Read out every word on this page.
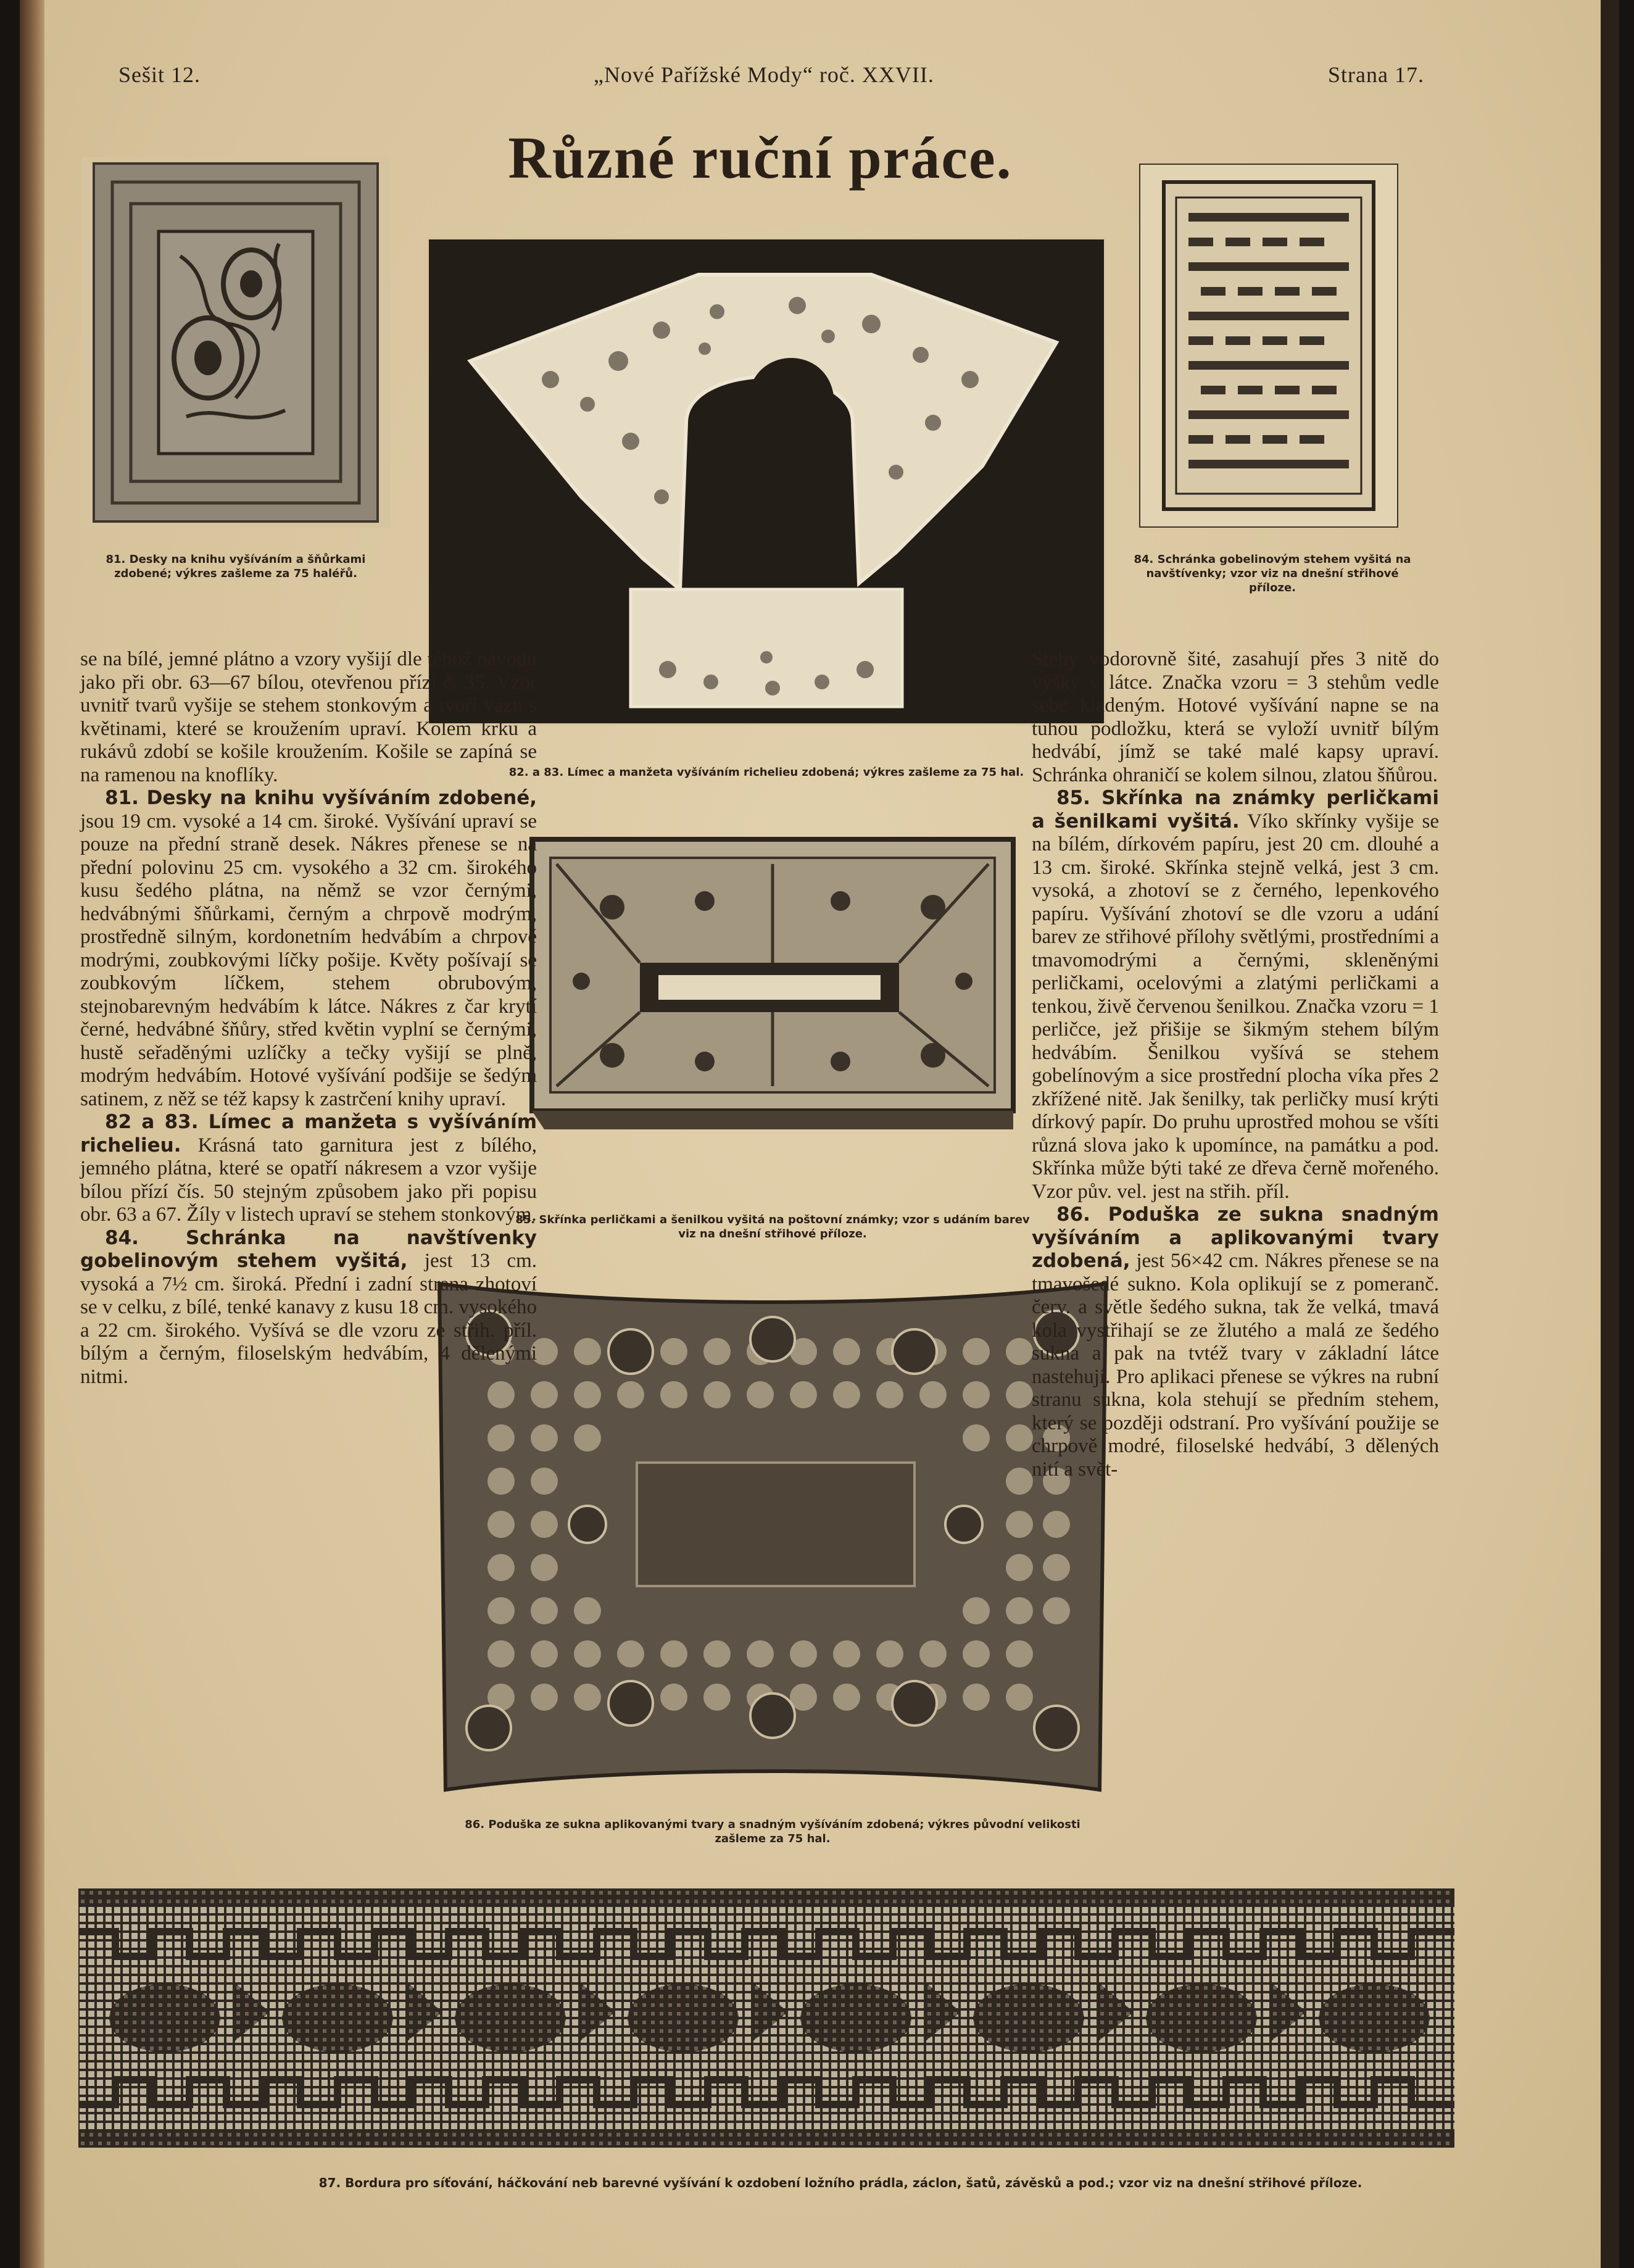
Sešit 12.	„Nové Pařížské Mody“ roč. XXVII.	Strana 17.
Různé ruční práce.
81. Desky na knihu vyšíváním a šňůrkami zdobené; výkres zašleme za 75 haléřů.
82. a 83. Límec a manžeta vyšíváním richelieu zdobená; výkres zašleme za 75 hal.
84. Schránka gobelinovým stehem vyšitá na navštívenky; vzor viz na dnešní střihové příloze.
85. Skřínka perličkami a šenilkou vyšitá na poštovní známky; vzor s udáním barev viz na dnešní střihové příloze.
86. Poduška ze sukna aplikovanými tvary a snadným vyšíváním zdobená; výkres původní velikosti zašleme za 75 hal.

se na bílé, jemné plátno a vzory vyšijí dle téhož návodu jako při obr. 63—67 bílou, otevřenou přízí č. 35. Vzor uvnitř tvarů vyšije se stehem stonkovým a tvoří vázu s květinami, které se kroužením upraví. Kolem krku a rukávů zdobí se košile kroužením. Košile se zapíná se na ramenou na knoflíky.

81. Desky na knihu vyšíváním zdobené, jsou 19 cm. vysoké a 14 cm. široké. Vyšívání upraví se pouze na přední straně desek. Nákres přenese se na přední polovinu 25 cm. vysokého a 32 cm. širokého kusu šedého plátna, na němž se vzor černými, hedvábnými šňůrkami, černým a chrpově modrým, prostředně silným, kordonetním hedvábím a chrpově modrými, zoubkovými líčky pošije. Květy pošívají se zoubkovým líčkem, stehem obrubovým, stejnobarevným hedvábím k látce. Nákres z čar krytí černé, hedvábné šňůry, střed květin vyplní se černými, hustě seřaděnými uzlíčky a tečky vyšijí se plně, modrým hedvábím. Hotové vyšívání podšije se šedým satinem, z něž se též kapsy k zastrčení knihy upraví.

82 a 83. Límec a manžeta s vyšíváním richelieu. Krásná tato garnitura jest z bílého, jemného plátna, které se opatří nákresem a vzor vyšije bílou přízí čís. 50 stejným způsobem jako při popisu obr. 63 a 67. Žíly v listech upraví se stehem stonkovým.

84. Schránka na navštívenky gobelinovým stehem vyšitá, jest 13 cm. vysoká a 7½ cm. široká. Přední i zadní strana zhotoví se v celku, z bílé, tenké kanavy z kusu 18 cm. vysokého a 22 cm. širokého. Vyšívá se dle vzoru ze střih. příl. bílým a černým, filoselským hedvábím, 4 dělenými nitmi.

Stehy vodorovně šité, zasahují přes 3 nitě do výšky v látce. Značka vzoru = 3 stehům vedle sebe kladeným. Hotové vyšívání napne se na tuhou podložku, která se vyloží uvnitř bílým hedvábí, jímž se také malé kapsy upraví. Schránka ohraničí se kolem silnou, zlatou šňůrou.

85. Skřínka na známky perličkami a šenilkami vyšitá. Víko skřínky vyšije se na bílém, dírkovém papíru, jest 20 cm. dlouhé a 13 cm. široké. Skřínka stejně velká, jest 3 cm. vysoká, a zhotoví se z černého, lepenkového papíru. Vyšívání zhotoví se dle vzoru a udání barev ze střihové přílohy světlými, prostředními a tmavomodrými a černými, skleněnými perličkami, ocelovými a zlatými perličkami a tenkou, živě červenou šenilkou. Značka vzoru = 1 perličce, jež přišije se šikmým stehem bílým hedvábím. Šenilkou vyšívá se stehem gobelínovým a sice prostřední plocha víka přes 2 zkřížené nitě. Jak šenilky, tak perličky musí krýti dírkový papír. Do pruhu uprostřed mohou se všíti různá slova jako k upomínce, na památku a pod. Skřínka může býti také ze dřeva černě mořeného. Vzor pův. vel. jest na střih. příl.

86. Poduška ze sukna snadným vyšíváním a aplikovanými tvary zdobená, jest 56×42 cm. Nákres přenese se na tmavošedé sukno. Kola oplikují se z pomeranč. červ. a světle šedého sukna, tak že velká, tmavá kola vystřihají se ze žlutého a malá ze šedého sukna a pak na tvtéž tvary v základní látce nastehují. Pro aplikaci přenese se výkres na rubní stranu sukna, kola stehují se předním stehem, který se později odstraní. Pro vyšívání použije se chrpově modré, filoselské hedvábí, 3 dělených nití a svět-

87. Bordura pro síťování, háčkování neb barevné vyšívání k ozdobení ložního prádla, záclon, šatů, závěsků a pod.; vzor viz na dnešní střihové příloze.
